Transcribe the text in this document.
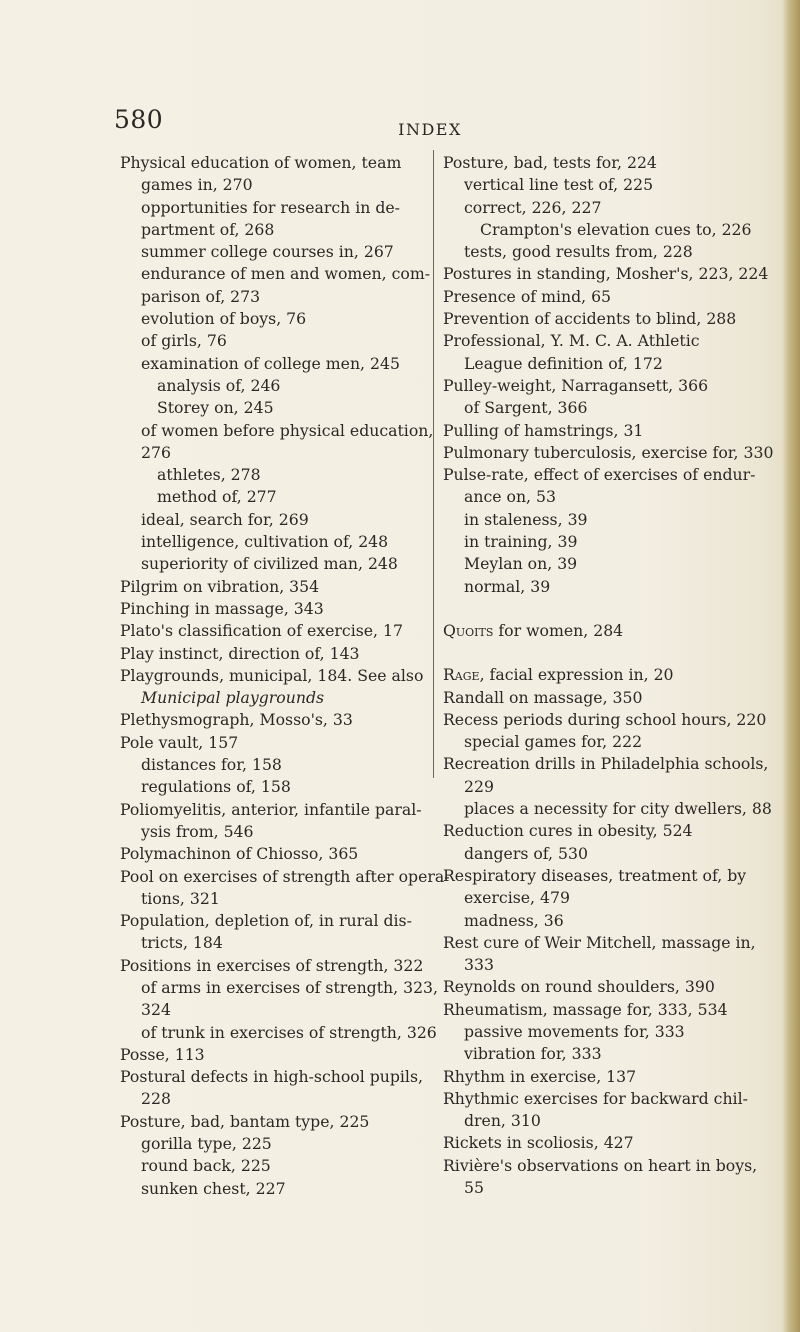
580	INDEX

Physical education of women, team

games in, 270

opportunities for research in de-

partment of, 268

summer college courses in, 267

endurance of men and women, com-

parison of, 273

evolution of boys, 76

of girls, 76

examination of college men, 245

analysis of, 246

Storey on, 245

of women before physical education,

276

athletes, 278

method of, 277

ideal, search for, 269

intelligence, cultivation of, 248

superiority of civilized man, 248

Pilgrim on vibration, 354

Pinching in massage, 343

Plato's classification of exercise, 17

Play instinct, direction of, 143

Playgrounds, municipal, 184. See also

Municipal playgrounds

Plethysmograph, Mosso's, 33

Pole vault, 157

distances for, 158

regulations of, 158

Poliomyelitis, anterior, infantile paral-

ysis from, 546

Polymachinon of Chiosso, 365

Pool on exercises of strength after opera-

tions, 321

Population, depletion of, in rural dis-

tricts, 184

Positions in exercises of strength, 322

of arms in exercises of strength, 323,

324

of trunk in exercises of strength, 326

Posse, 113

Postural defects in high-school pupils,

228

Posture, bad, bantam type, 225

gorilla type, 225

round back, 225

sunken chest, 227

Posture, bad, tests for, 224

vertical line test of, 225

correct, 226, 227

Crampton's elevation cues to, 226

tests, good results from, 228

Postures in standing, Mosher's, 223, 224

Presence of mind, 65

Prevention of accidents to blind, 288

Professional, Y. M. C. A. Athletic

League definition of, 172

Pulley-weight, Narragansett, 366

of Sargent, 366

Pulling of hamstrings, 31

Pulmonary tuberculosis, exercise for, 330

Pulse-rate, effect of exercises of endur-

ance on, 53

in staleness, 39

in training, 39

Meylan on, 39

normal, 39

Quoits for women, 284

Rage, facial expression in, 20

Randall on massage, 350

Recess periods during school hours, 220

special games for, 222

Recreation drills in Philadelphia schools,

229

places a necessity for city dwellers, 88

Reduction cures in obesity, 524

dangers of, 530

Respiratory diseases, treatment of, by

exercise, 479

madness, 36

Rest cure of Weir Mitchell, massage in,

333

Reynolds on round shoulders, 390

Rheumatism, massage for, 333, 534

passive movements for, 333

vibration for, 333

Rhythm in exercise, 137

Rhythmic exercises for backward chil-

dren, 310

Rickets in scoliosis, 427

Rivière's observations on heart in boys,

55
